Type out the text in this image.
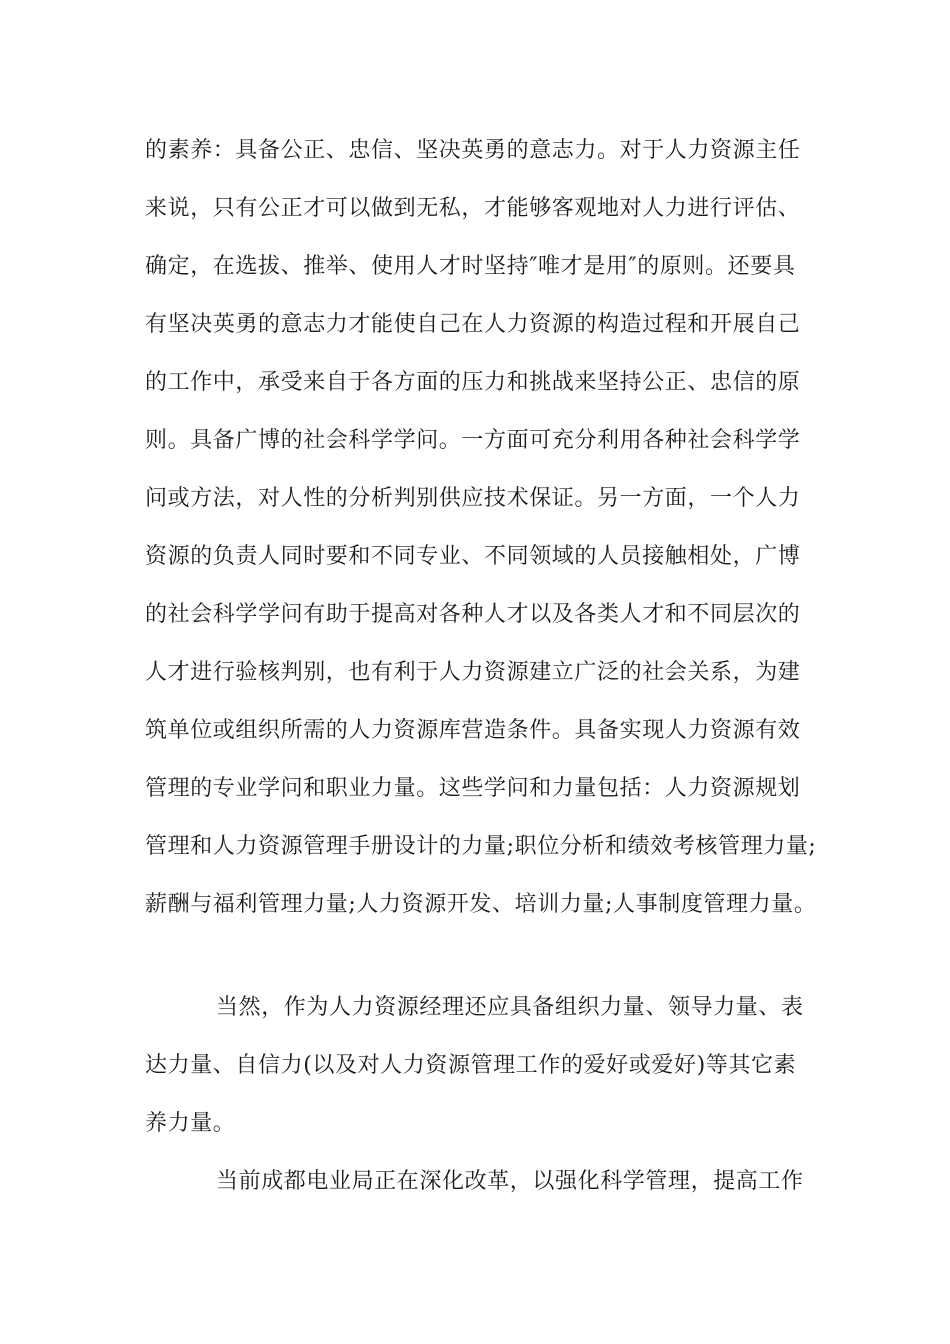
的素养：具备公正、忠信、坚决英勇的意志力。对于人力资源主任
来说，只有公正才可以做到无私，才能够客观地对人力进行评估、
确定，在选拔、推举、使用人才时坚持″唯才是用″的原则。还要具
有坚决英勇的意志力才能使自己在人力资源的构造过程和开展自己
的工作中，承受来自于各方面的压力和挑战来坚持公正、忠信的原
则。具备广博的社会科学学问。一方面可充分利用各种社会科学学
问或方法，对人性的分析判别供应技术保证。另一方面，一个人力
资源的负责人同时要和不同专业、不同领域的人员接触相处，广博
的社会科学学问有助于提高对各种人才以及各类人才和不同层次的
人才进行验核判别，也有利于人力资源建立广泛的社会关系，为建
筑单位或组织所需的人力资源库营造条件。具备实现人力资源有效
管理的专业学问和职业力量。这些学问和力量包括：人力资源规划
管理和人力资源管理手册设计的力量;职位分析和绩效考核管理力量;
薪酬与福利管理力量;人力资源开发、培训力量;人事制度管理力量。
当然，作为人力资源经理还应具备组织力量、领导力量、表
达力量、自信力(以及对人力资源管理工作的爱好或爱好)等其它素
养力量。
当前成都电业局正在深化改革，以强化科学管理，提高工作
